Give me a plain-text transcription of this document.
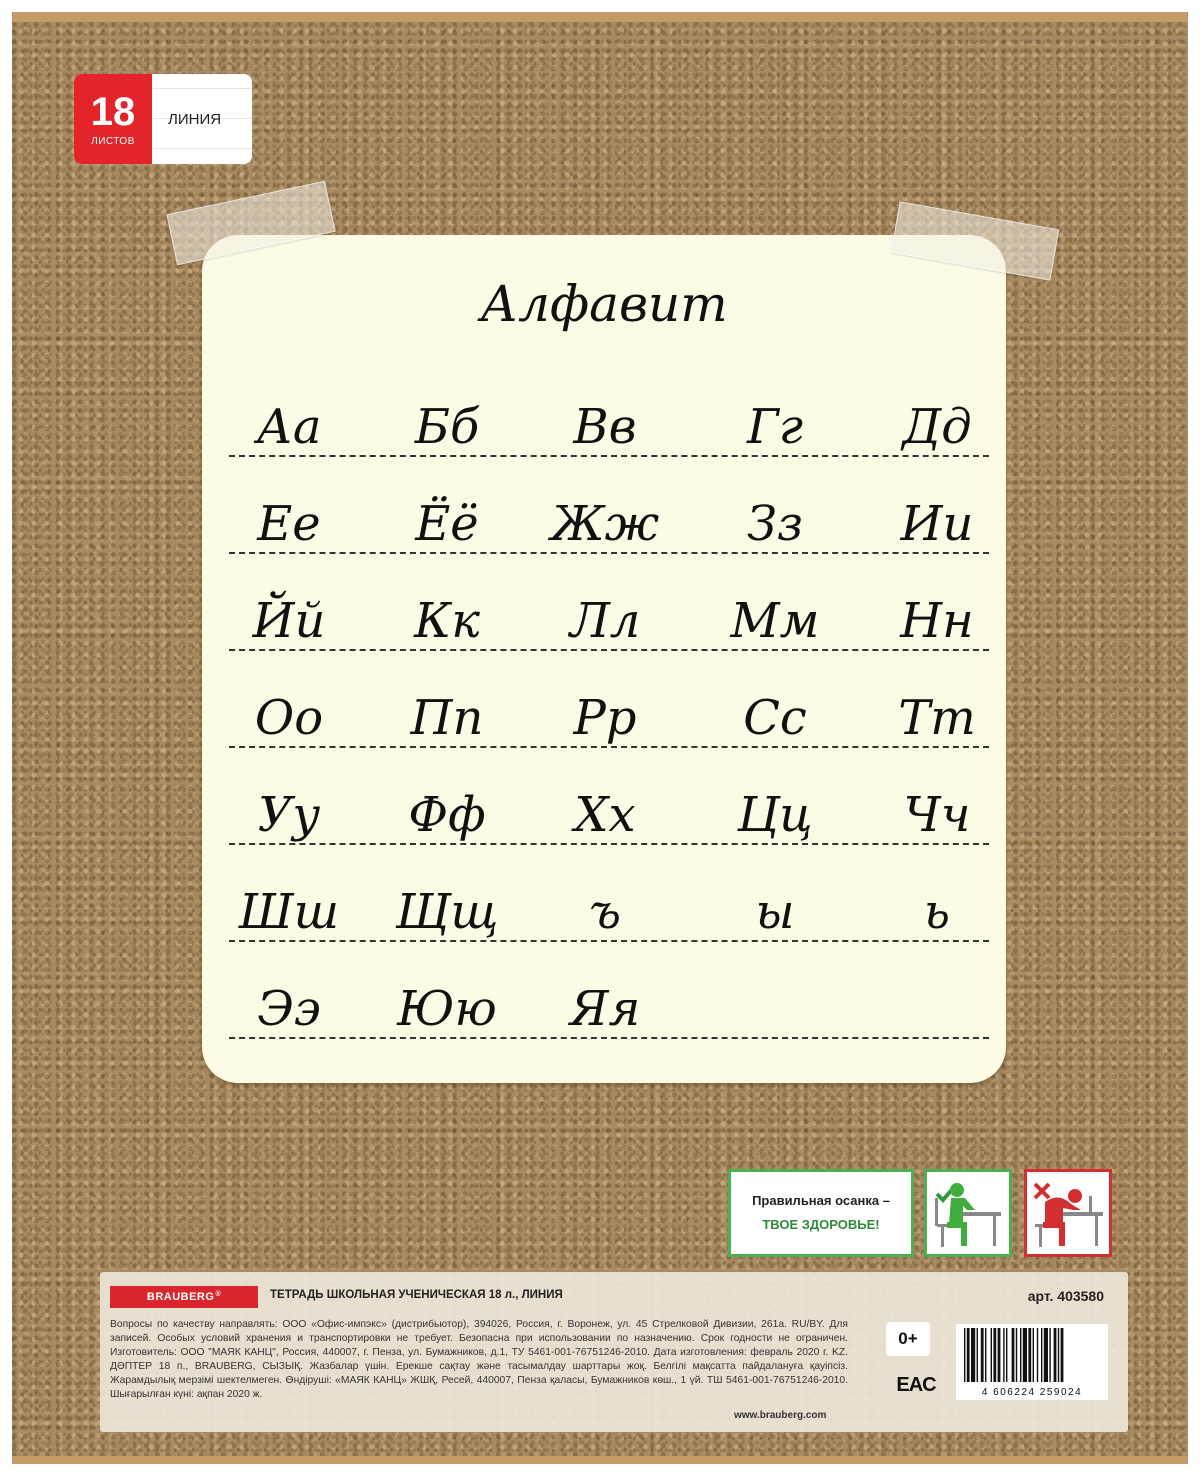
18
ЛИСТОВ
ЛИНИЯ
Алфавит
Аа	Бб	Вв	Гг	Дд
Ее	Ёё	Жж	Зз	Ии
Йй	Кк	Лл	Мм	Нн
Оо	Пп	Рр	Сс	Тт
Уу	Фф	Хх	Цц	Чч
Шш Щщ	ъ	ы	ь
Ээ	Юю	Яя
Правильная осанка –
ТВОЕ ЗДОРОВЬЕ!
BRAUBERG ®	ТЕТРАДЬ ШКОЛЬНАЯ УЧЕНИЧЕСКАЯ 18 л., ЛИНИЯ	арт. 403580
Вопросы по качеству направлять: ООО «Офис-импэкс» (дистрибьютор), 394026, Россия, г. Воронеж, ул. 45 Стрелковой Дивизии, 261а. RU/BY. Для записей. Особых условий хранения и транспортировки не требует. Безопасна при использовании по назначению. Срок годности не ограничен. Изготовитель: ООО "МАЯК КАНЦ", Россия, 440007, г. Пенза, ул. Бумажников, д.1, ТУ 5461-001-76751246-2010. Дата изготовления: февраль 2020 г. KZ. ДӘПТЕР 18 п., BRAUBERG, СЫЗЫҚ. Жазбалар үшін. Ерекше сақтау және тасымалдау шарттары жоқ. Белгілі мақсатта пайдалануға қауіпсіз. Жарамдылық мерзімі шектелмеген. Өндіруші: «МАЯК КАНЦ» ЖШҚ, Ресей, 440007, Пенза қаласы, Бумажников көш., 1 үй. ТШ 5461-001-76751246-2010. Шығарылған күні: ақпан 2020 ж.
0+
EAC	4 606224 259024
www.brauberg.com
